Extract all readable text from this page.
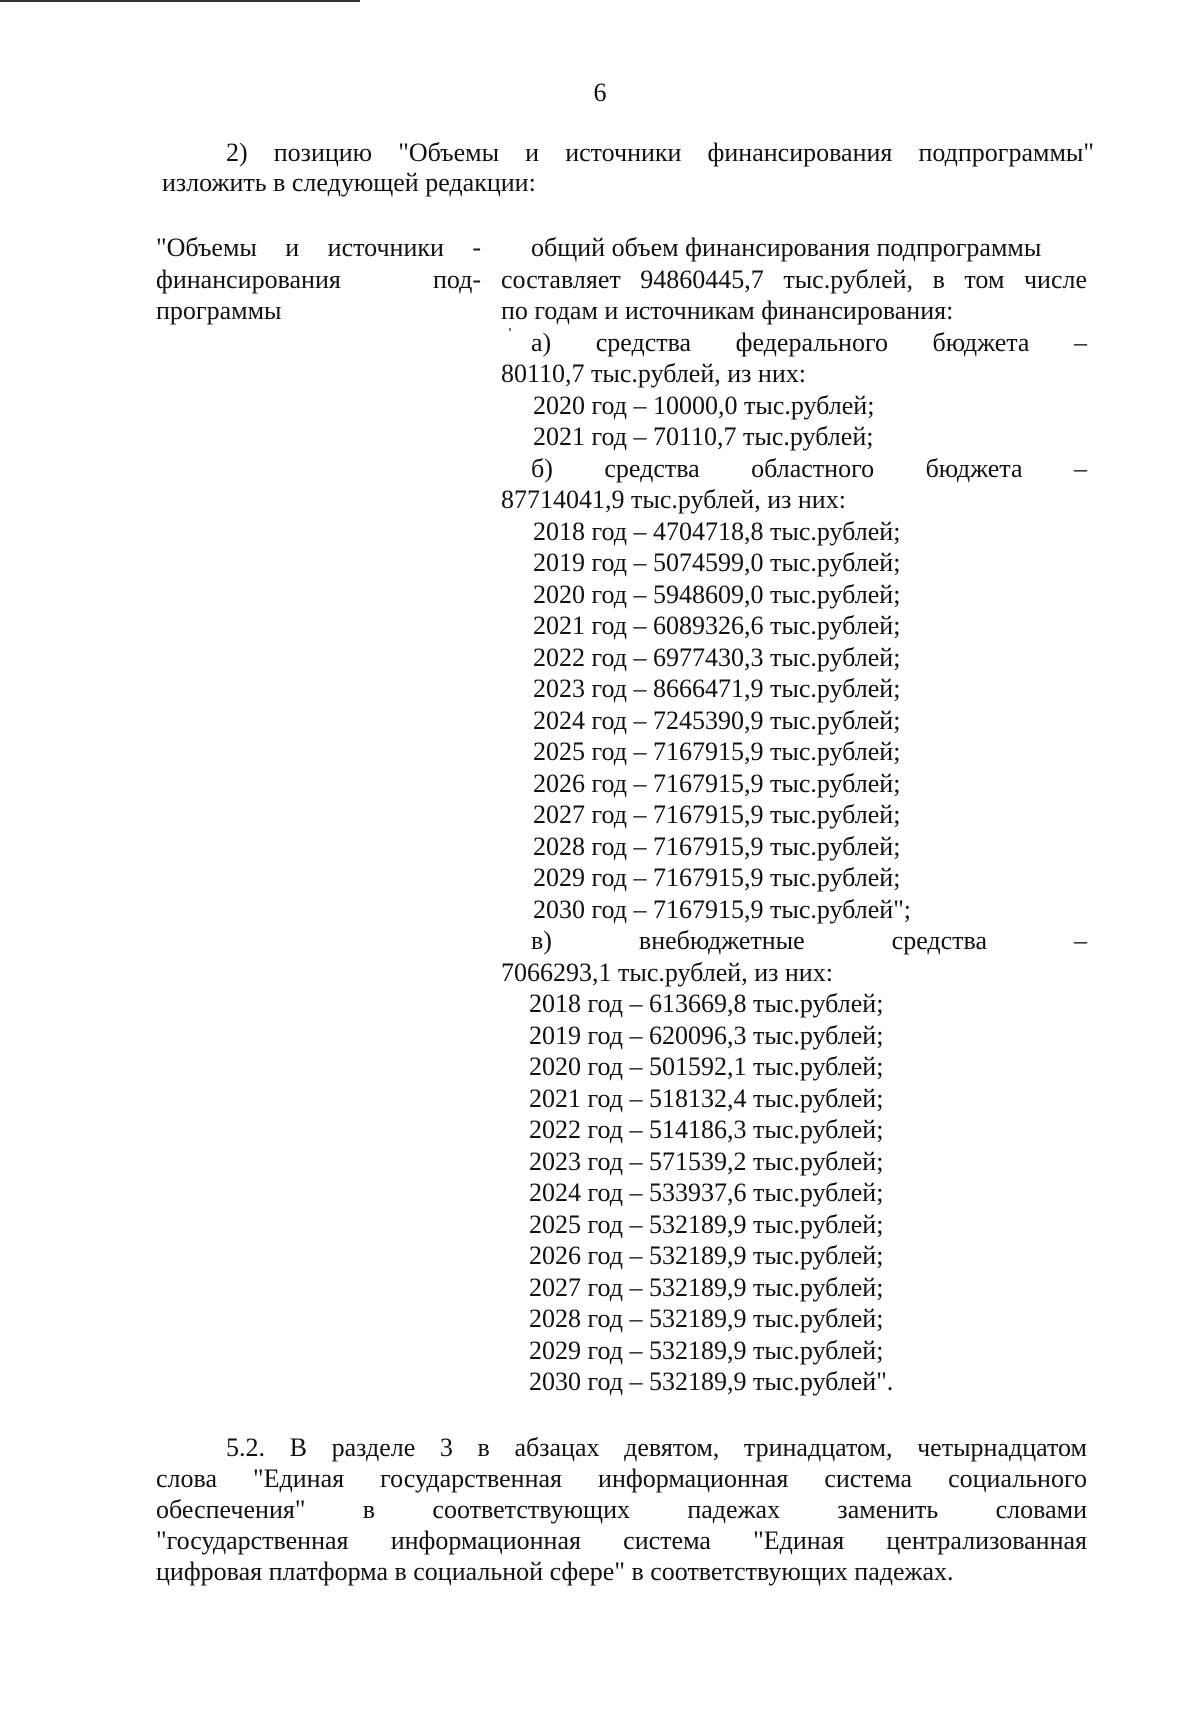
6
2) позицию "Объемы и источники финансирования подпрограммы"
изложить в следующей редакции:
"Объемы и источники -
финансирования под-
программы
общий объем финансирования подпрограммы
составляет 94860445,7 тыс.рублей, в том числе
по годам и источникам финансирования:
а) средства федерального бюджета –
80110,7 тыс.рублей, из них:
2020 год – 10000,0 тыс.рублей;
2021 год – 70110,7 тыс.рублей;
б) средства областного бюджета –
87714041,9 тыс.рублей, из них:
2018 год – 4704718,8 тыс.рублей;
2019 год – 5074599,0 тыс.рублей;
2020 год – 5948609,0 тыс.рублей;
2021 год – 6089326,6 тыс.рублей;
2022 год – 6977430,3 тыс.рублей;
2023 год – 8666471,9 тыс.рублей;
2024 год – 7245390,9 тыс.рублей;
2025 год – 7167915,9 тыс.рублей;
2026 год – 7167915,9 тыс.рублей;
2027 год – 7167915,9 тыс.рублей;
2028 год – 7167915,9 тыс.рублей;
2029 год – 7167915,9 тыс.рублей;
2030 год – 7167915,9 тыс.рублей";
в) внебюджетные средства –
7066293,1 тыс.рублей, из них:
2018 год – 613669,8 тыс.рублей;
2019 год – 620096,3 тыс.рублей;
2020 год – 501592,1 тыс.рублей;
2021 год – 518132,4 тыс.рублей;
2022 год – 514186,3 тыс.рублей;
2023 год – 571539,2 тыс.рублей;
2024 год – 533937,6 тыс.рублей;
2025 год – 532189,9 тыс.рублей;
2026 год – 532189,9 тыс.рублей;
2027 год – 532189,9 тыс.рублей;
2028 год – 532189,9 тыс.рублей;
2029 год – 532189,9 тыс.рублей;
2030 год – 532189,9 тыс.рублей".
5.2. В разделе 3 в абзацах девятом, тринадцатом, четырнадцатом
слова "Единая государственная информационная система социального
обеспечения" в соответствующих падежах заменить словами
"государственная информационная система "Единая централизованная
цифровая платформа в социальной сфере" в соответствующих падежах.
